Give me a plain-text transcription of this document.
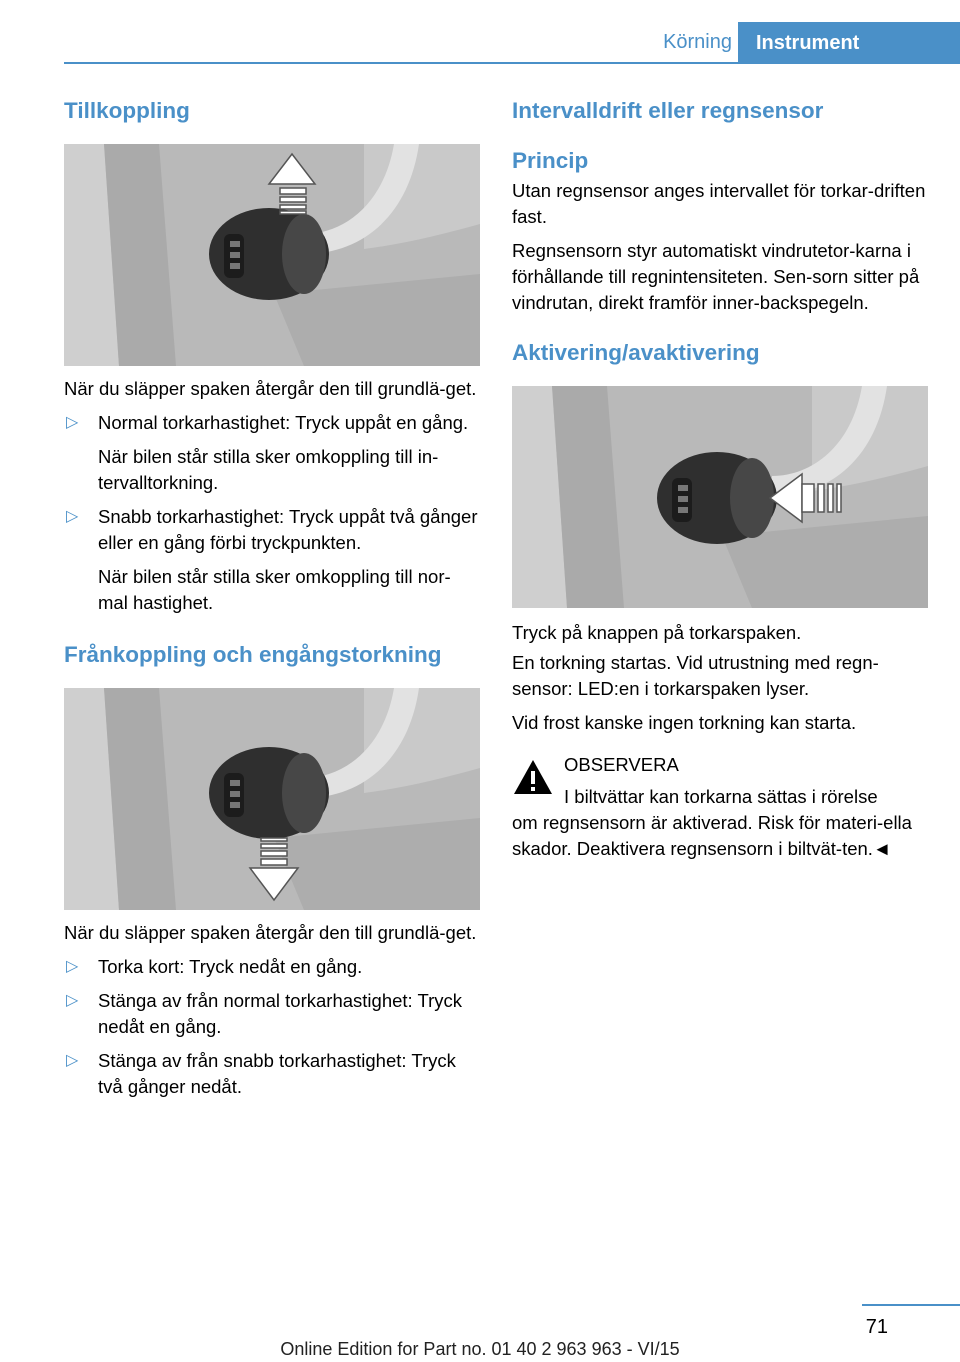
Körning	Instrument
Tillkoppling

När du släpper spaken återgår den till grundlä-get.

▷ Normal torkarhastighet: Tryck uppåt en gång.

När bilen står stilla sker omkoppling till in-tervalltorkning.

▷ Snabb torkarhastighet: Tryck uppåt två gånger eller en gång förbi tryckpunkten.

När bilen står stilla sker omkoppling till nor-mal hastighet.

Frånkoppling och engångstorkning

När du släpper spaken återgår den till grundlä-get.

▷ Torka kort: Tryck nedåt en gång.

▷ Stänga av från normal torkarhastighet: Tryck nedåt en gång.

▷ Stänga av från snabb torkarhastighet: Tryck två gånger nedåt.

Intervalldrift eller regnsensor
Princip

Utan regnsensor anges intervallet för torkar-driften fast.

Regnsensorn styr automatiskt vindrutetor-karna i förhållande till regnintensiteten. Sen-sorn sitter på vindrutan, direkt framför inner-backspegeln.

Aktivering/avaktivering

Tryck på knappen på torkarspaken.

En torkning startas. Vid utrustning med regn-sensor: LED:en i torkarspaken lyser.

Vid frost kanske ingen torkning kan starta.

OBSERVERA

I biltvättar kan torkarna sättas i rörelse

om regnsensorn är aktiverad. Risk för materi-ella skador. Deaktivera regnsensorn i biltvät-ten.◄

71
Online Edition for Part no. 01 40 2 963 963 - VI/15
